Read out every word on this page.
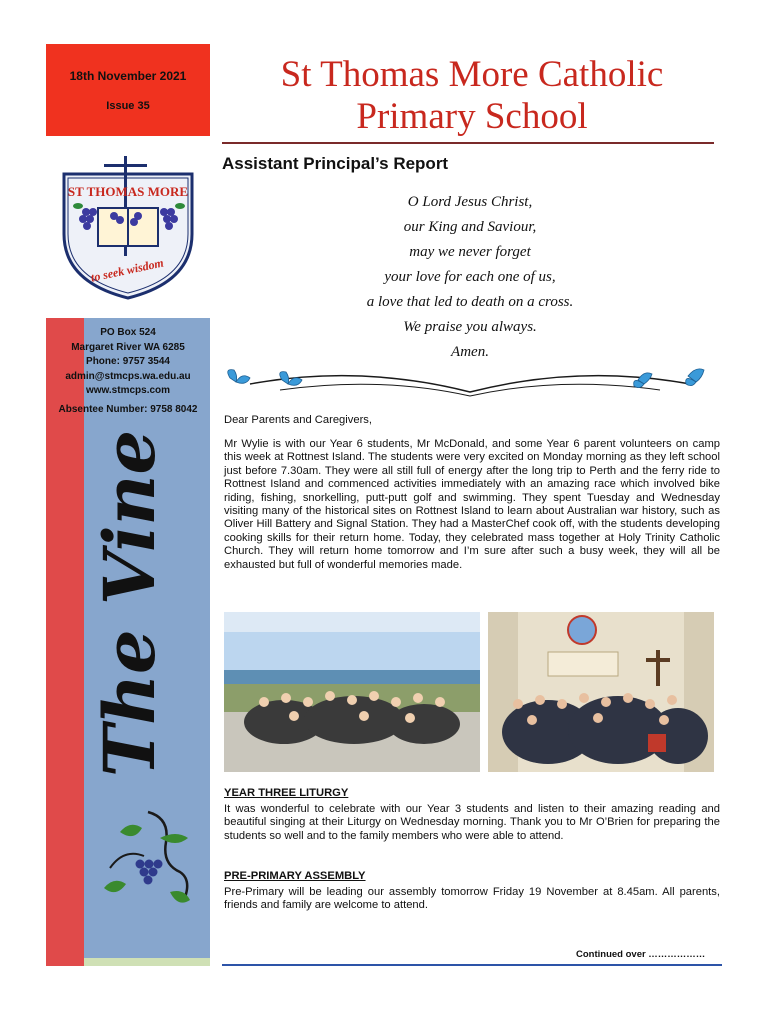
18th November 2021
Issue 35
ST THOMAS MORE
to seek wisdom
PO Box 524
Margaret River WA 6285
Phone: 9757 3544
admin@stmcps.wa.edu.au
www.stmcps.com
Absentee Number: 9758 8042
The Vine
St Thomas More Catholic Primary School
Assistant Principal’s Report
O Lord Jesus Christ,
our King and Saviour,
may we never forget
your love for each one of us,
a love that led to death on a cross.
We praise you always.
Amen.
Dear Parents and Caregivers,
Mr Wylie is with our Year 6 students, Mr McDonald, and some Year 6 parent volunteers on camp this week at Rottnest Island. The students were very excited on Monday morning as they left school just before 7.30am. They were all still full of energy after the long trip to Perth and the ferry ride to Rottnest Island and commenced activities immediately with an amazing race which involved bike riding, fishing, snorkelling, putt-putt golf and swimming. They spent Tuesday and Wednesday visiting many of the historical sites on Rottnest Island to learn about Australian war history, such as Oliver Hill Battery and Signal Station. They had a MasterChef cook off, with the students developing cooking skills for their return home. Today, they celebrated mass together at Holy Trinity Catholic Church. They will return home tomorrow and I’m sure after such a busy week, they will all be exhausted but full of wonderful memories made.
YEAR THREE LITURGY
It was wonderful to celebrate with our Year 3 students and listen to their amazing reading and beautiful singing at their Liturgy on Wednesday morning. Thank you to Mr O’Brien for preparing the students so well and to the family members who were able to attend.
PRE-PRIMARY ASSEMBLY
Pre-Primary will be leading our assembly tomorrow Friday 19 November at 8.45am. All parents, friends and family are welcome to attend.
Continued over ………………
